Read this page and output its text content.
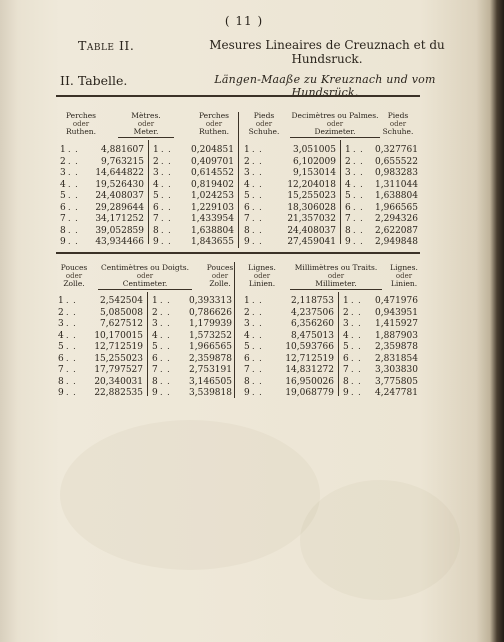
( 11 )
Table II.	Mesures Lineaires de Creuznach et du Hundsruck.
II. Tabelle.	Längen-Maaße zu Kreuznach und vom Hundsrück.
Perches
oder
Ruthen.
Mètres.
oder
Meter.
Perches
oder
Ruthen.
1 . .	4,881607 1 . .	0,204851
2 . .	9,763215 2 . .	0,409701
3 . .	14,644822 3 . .	0,614552
4 . .	19,526430 4 . .	0,819402
5 . .	24,408037 5 . .	1,024253
6 . .	29,289644 6 . .	1,229103
7 . .	34,171252 7 . .	1,433954
8 . .	39,052859 8 . .	1,638804
9 . .	43,934466 9 . .	1,843655
Pieds
oder
Schuhe.
Decimètres ou Palmes.
oder
Dezimeter.
Pieds
oder
Schuhe.
1 . .	3,051005 1 . .	0,327761
2 . .	6,102009 2 . .	0,655522
3 . .	9,153014 3 . .	0,983283
4 . .	12,204018 4 . .	1,311044
5 . .	15,255023 5 . .	1,638804
6 . .	18,306028 6 . .	1,966565
7 . .	21,357032 7 . .	2,294326
8 . .	24,408037 8 . .	2,622087
9 . .	27,459041 9 . .	2,949848
Pouces
oder
Zolle.
Centimètres ou Doigts.
oder
Centimeter.
Pouces
oder
Zolle.
1 . .	2,542504 1 . .	0,393313
2 . .	5,085008 2 . .	0,786626
3 . .	7,627512 3 . .	1,179939
4 . .	10,170015 4 . .	1,573252
5 . .	12,712519 5 . .	1,966565
6 . .	15,255023 6 . .	2,359878
7 . .	17,797527 7 . .	2,753191
8 . .	20,340031 8 . .	3,146505
9 . .	22,882535 9 . .	3,539818
Lignes.
oder
Linien.
Millimètres ou Traits.
oder
Millimeter.
Lignes.
oder
Linien.
1 . .	2,118753 1 . .	0,471976
2 . .	4,237506 2 . .	0,943951
3 . .	6,356260 3 . .	1,415927
4 . .	8,475013 4 . .	1,887903
5 . .	10,593766 5 . .	2,359878
6 . .	12,712519 6 . .	2,831854
7 . .	14,831272 7 . .	3,303830
8 . .	16,950026 8 . .	3,775805
9 . .	19,068779 9 . .	4,247781
